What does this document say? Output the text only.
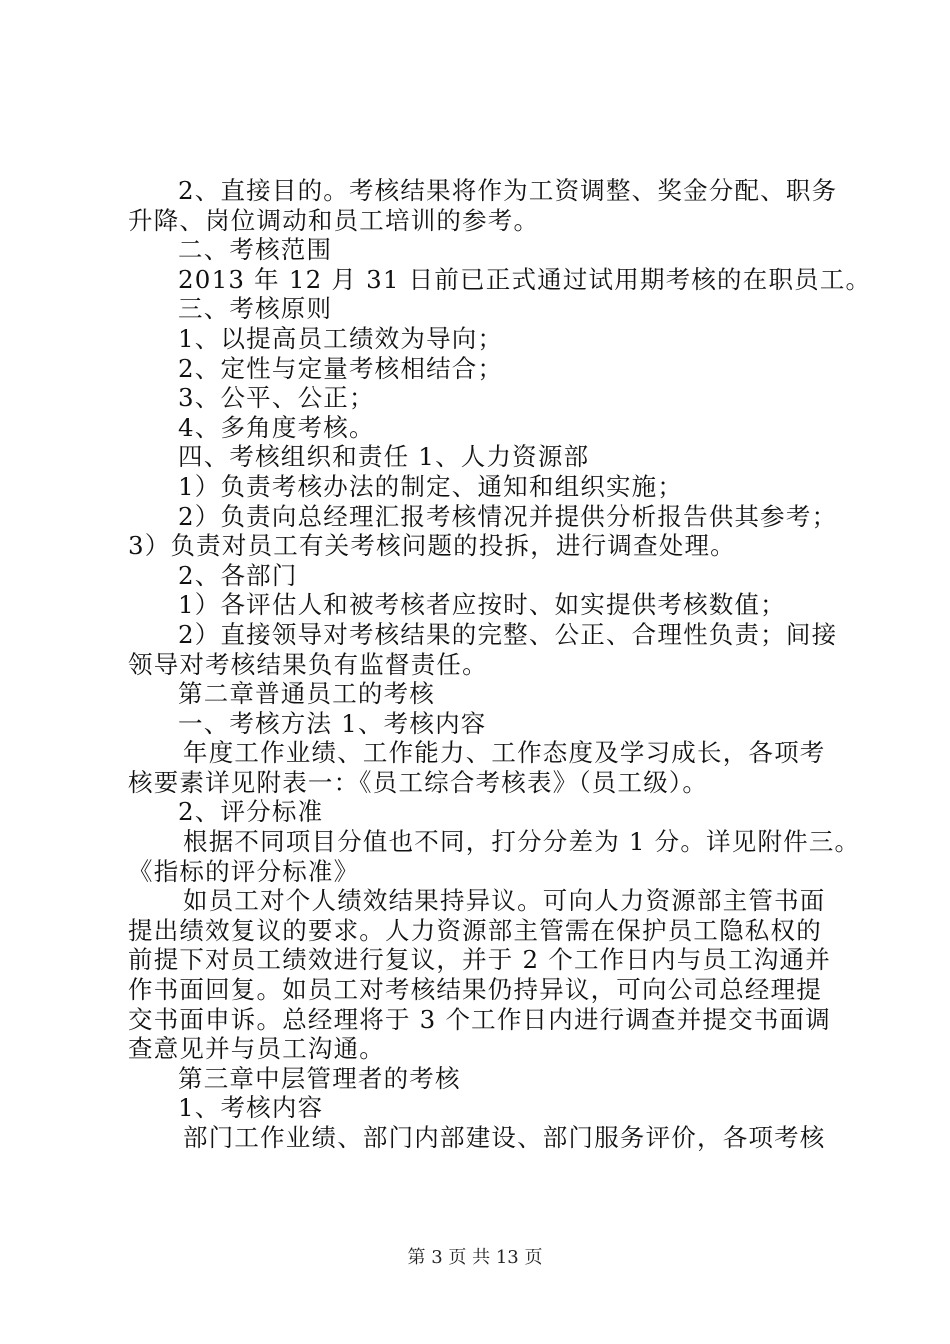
2、直接目的。考核结果将作为工资调整、奖金分配、职务
升降、岗位调动和员工培训的参考。
二、考核范围
2013 年 12 月 31 日前已正式通过试用期考核的在职员工。
三、考核原则
1、以提高员工绩效为导向；
2、定性与定量考核相结合；
3、公平、公正；
4、多角度考核。
四、考核组织和责任 1、人力资源部
1）负责考核办法的制定、通知和组织实施；
2）负责向总经理汇报考核情况并提供分析报告供其参考；
3）负责对员工有关考核问题的投拆，进行调查处理。
2、各部门
1）各评估人和被考核者应按时、如实提供考核数值；
2）直接领导对考核结果的完整、公正、合理性负责；间接
领导对考核结果负有监督责任。
第二章普通员工的考核
一、考核方法 1、考核内容
年度工作业绩、工作能力、工作态度及学习成长，各项考
核要素详见附表一：《员工综合考核表》（员工级）。
2、评分标准
根据不同项目分值也不同，打分分差为 1 分。详见附件三。
《指标的评分标准》
如员工对个人绩效结果持异议。可向人力资源部主管书面
提出绩效复议的要求。人力资源部主管需在保护员工隐私权的
前提下对员工绩效进行复议，并于 2 个工作日内与员工沟通并
作书面回复。如员工对考核结果仍持异议，可向公司总经理提
交书面申诉。总经理将于 3 个工作日内进行调查并提交书面调
查意见并与员工沟通。
第三章中层管理者的考核
1、考核内容
部门工作业绩、部门内部建设、部门服务评价，各项考核
第 3 页 共 13 页
